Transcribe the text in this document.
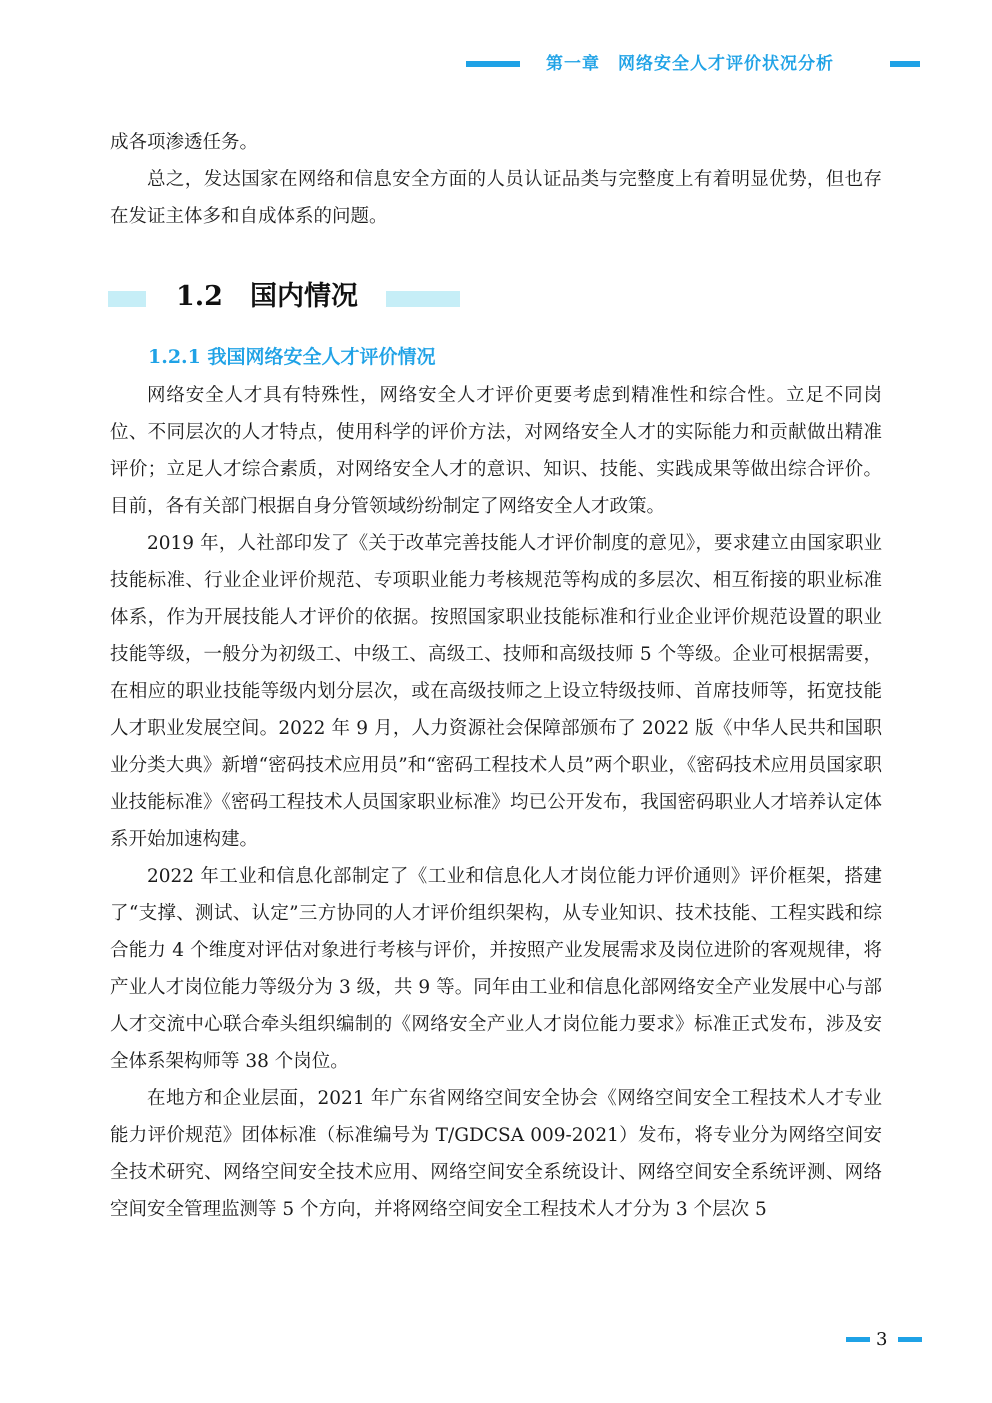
第一章　网络安全人才评价状况分析

成各项渗透任务。

总之，发达国家在网络和信息安全方面的人员认证品类与完整度上有着明显优势，但也存在发证主体多和自成体系的问题。

1.2　国内情况
1.2.1 我国网络安全人才评价情况

网络安全人才具有特殊性，网络安全人才评价更要考虑到精准性和综合性。立足不同岗位、不同层次的人才特点，使用科学的评价方法，对网络安全人才的实际能力和贡献做出精准评价；立足人才综合素质，对网络安全人才的意识、知识、技能、实践成果等做出综合评价。目前，各有关部门根据自身分管领域纷纷制定了网络安全人才政策。

2019 年，人社部印发了《关于改革完善技能人才评价制度的意见》，要求建立由国家职业技能标准、行业企业评价规范、专项职业能力考核规范等构成的多层次、相互衔接的职业标准体系，作为开展技能人才评价的依据。按照国家职业技能标准和行业企业评价规范设置的职业技能等级，一般分为初级工、中级工、高级工、技师和高级技师 5 个等级。企业可根据需要，在相应的职业技能等级内划分层次，或在高级技师之上设立特级技师、首席技师等，拓宽技能人才职业发展空间。2022 年 9 月，人力资源社会保障部颁布了 2022 版《中华人民共和国职业分类大典》新增“密码技术应用员”和“密码工程技术人员”两个职业，《密码技术应用员国家职业技能标准》《密码工程技术人员国家职业标准》均已公开发布，我国密码职业人才培养认定体系开始加速构建。

2022 年工业和信息化部制定了《工业和信息化人才岗位能力评价通则》评价框架，搭建了“支撑、测试、认定”三方协同的人才评价组织架构，从专业知识、技术技能、工程实践和综合能力 4 个维度对评估对象进行考核与评价，并按照产业发展需求及岗位进阶的客观规律，将产业人才岗位能力等级分为 3 级，共 9 等。同年由工业和信息化部网络安全产业发展中心与部人才交流中心联合牵头组织编制的《网络安全产业人才岗位能力要求》标准正式发布，涉及安全体系架构师等 38 个岗位。

在地方和企业层面，2021 年广东省网络空间安全协会《网络空间安全工程技术人才专业能力评价规范》团体标准（标准编号为 T/GDCSA 009-2021）发布，将专业分为网络空间安全技术研究、网络空间安全技术应用、网络空间安全系统设计、网络空间安全系统评测、网络空间安全管理监测等 5 个方向，并将网络空间安全工程技术人才分为 3 个层次 5

3
